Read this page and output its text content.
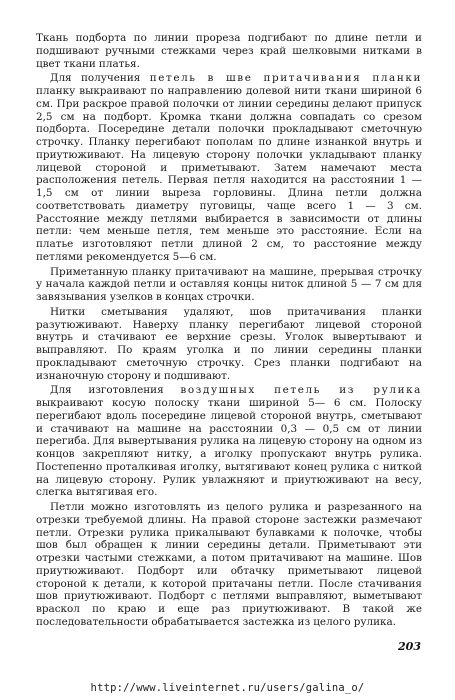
Ткань подборта по линии прореза подгибают по длине петли и подшивают ручными стежками через край шелковыми нитками в цвет ткани платья.

Для получения петель в шве притачивания планки планку выкраивают по направлению долевой нити ткани шириной 6 см. При раскрое правой полочки от линии середины делают припуск 2,5 см на подборт. Кромка ткани должна совпадать со срезом подборта. Посередине детали полочки прокладывают сметочную строчку. Планку перегибают пополам по длине изнанкой внутрь и приутюживают. На лицевую сторону полочки укладывают планку лицевой стороной и приметывают. Затем намечают места расположения петель. Первая петля находится на расстоянии 1 — 1,5 см от линии выреза горловины. Длина петли должна соответствовать диаметру пуговицы, чаще всего 1 — 3 см. Расстояние между петлями выбирается в зависимости от длины петли: чем меньше петля, тем меньше это расстояние. Если на платье изготовляют петли длиной 2 см, то расстояние между петлями рекомендуется 5—6 см.

Приметанную планку притачивают на машине, прерывая строчку у начала каждой петли и оставляя концы ниток длиной 5 — 7 см для завязывания узелков в концах строчки.

Нитки сметывания удаляют, шов притачивания планки разутюживают. Наверху планку перегибают лицевой стороной внутрь и стачивают ее верхние срезы. Уголок вывертывают и выправляют. По краям уголка и по линии середины планки прокладывают сметочную строчку. Срез планки подгибают на изнаночную сторону и подшивают.

Для изготовления воздушных петель из рулика выкраивают косую полоску ткани шириной 5— 6 см. Полоску перегибают вдоль посередине лицевой стороной внутрь, сметывают и стачивают на машине на расстоянии 0,3 — 0,5 см от линии перегиба. Для вывертывания рулика на лицевую сторону на одном из концов закрепляют нитку, а иголку пропускают внутрь рулика. Постепенно проталкивая иголку, вытягивают конец рулика с ниткой на лицевую сторону. Рулик увлажняют и приутюживают на весу, слегка вытягивая его.

Петли можно изготовлять из целого рулика и разрезанного на отрезки требуемой длины. На правой стороне застежки размечают петли. Отрезки рулика прикалывают булавками к полочке, чтобы шов был обращен к линии середины детали. Приметывают эти отрезки частыми стежками, а потом притачивают на машине. Шов приутюживают. Подборт или обтачку приметывают лицевой стороной к детали, к которой притачаны петли. После стачивания шов приутюживают. Подборт с петлями выправляют, выметывают враскол по краю и еще раз приутюживают. В такой же последовательности обрабатывается застежка из целого рулика.

203
http://www.liveinternet.ru/users/galina_o/
